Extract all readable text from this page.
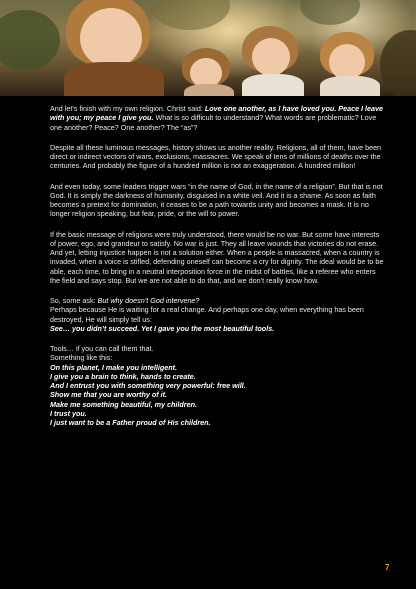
And let’s finish with my own religion. Christ said: Love one another, as I have loved you. Peace I leave with you; my peace I give you. What is so difficult to understand? What words are problematic? Love one another? Peace? One another? The “as”?

Despite all these luminous messages, history shows us another reality. Religions, all of them, have been direct or indirect vectors of wars, exclusions, massacres. We speak of tens of millions of deaths over the centuries. And probably the figure of a hundred million is not an exaggeration. A hundred million!

And even today, some leaders trigger wars “in the name of God, in the name of a religion”. But that is not God. It is simply the darkness of humanity, disguised in a white veil. And it is a shame. As soon as faith becomes a pretext for domination, it ceases to be a path towards unity and becomes a mask. It is no longer religion speaking, but fear, pride, or the will to power.

If the basic message of religions were truly understood, there would be no war. But some have interests of power, ego, and grandeur to satisfy. No war is just. They all leave wounds that victories do not erase. And yet, letting injustice happen is not a solution either. When a people is massacred, when a country is invaded, when a voice is stifled, defending oneself can become a cry for dignity. The ideal would be to be able, each time, to bring in a neutral interposition force in the midst of battles, like a referee who enters the field and says stop. But we are not able to do that, and we don’t really know how.

So, some ask: But why doesn’t God intervene?
Perhaps because He is waiting for a real change. And perhaps one day, when everything has been destroyed, He will simply tell us:
See… you didn’t succeed. Yet I gave you the most beautiful tools.

Tools… if you can call them that.
Something like this:
On this planet, I make you intelligent.
I give you a brain to think, hands to create.
And I entrust you with something very powerful: free will.
Show me that you are worthy of it.
Make me something beautiful, my children.
I trust you.
I just want to be a Father proud of His children.

7
